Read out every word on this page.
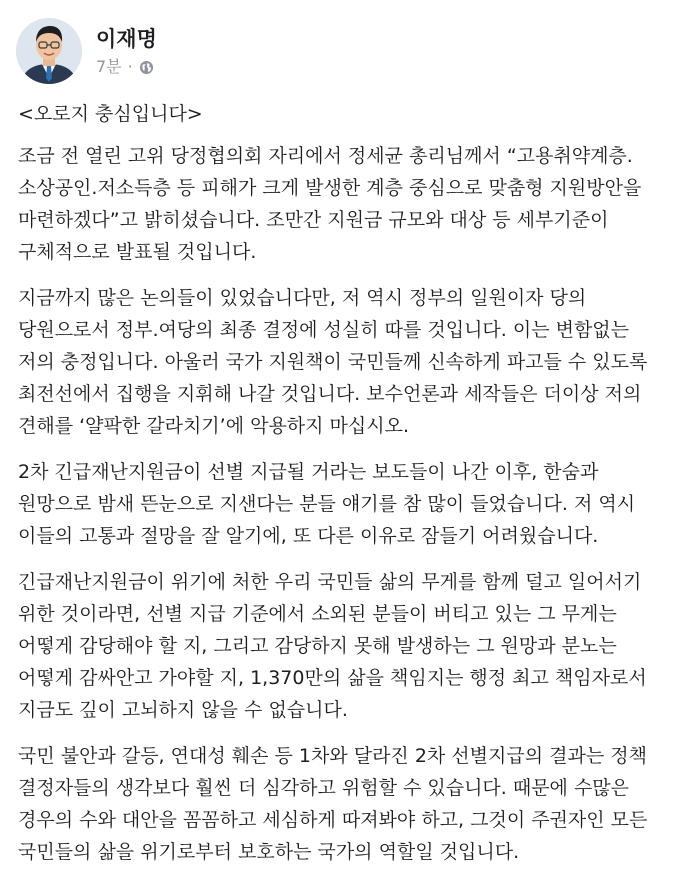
이재명
7분 ·

<오로지 충심입니다>

조금 전 열린 고위 당정협의회 자리에서 정세균 총리님께서 “고용취약계층.소상공인.저소득층 등 피해가 크게 발생한 계층 중심으로 맞춤형 지원방안을 마련하겠다”고 밝히셨습니다. 조만간 지원금 규모와 대상 등 세부기준이 구체적으로 발표될 것입니다.

지금까지 많은 논의들이 있었습니다만, 저 역시 정부의 일원이자 당의 당원으로서 정부.여당의 최종 결정에 성실히 따를 것입니다. 이는 변함없는 저의 충정입니다. 아울러 국가 지원책이 국민들께 신속하게 파고들 수 있도록 최전선에서 집행을 지휘해 나갈 것입니다. 보수언론과 세작들은 더이상 저의 견해를 ‘얄팍한 갈라치기’에 악용하지 마십시오.

2차 긴급재난지원금이 선별 지급될 거라는 보도들이 나간 이후, 한숨과 원망으로 밤새 뜬눈으로 지샌다는 분들 얘기를 참 많이 들었습니다. 저 역시 이들의 고통과 절망을 잘 알기에, 또 다른 이유로 잠들기 어려웠습니다.

긴급재난지원금이 위기에 처한 우리 국민들 삶의 무게를 함께 덜고 일어서기 위한 것이라면, 선별 지급 기준에서 소외된 분들이 버티고 있는 그 무게는 어떻게 감당해야 할 지, 그리고 감당하지 못해 발생하는 그 원망과 분노는 어떻게 감싸안고 가야할 지, 1,370만의 삶을 책임지는 행정 최고 책임자로서 지금도 깊이 고뇌하지 않을 수 없습니다.

국민 불안과 갈등, 연대성 훼손 등 1차와 달라진 2차 선별지급의 결과는 정책 결정자들의 생각보다 훨씬 더 심각하고 위험할 수 있습니다. 때문에 수많은 경우의 수와 대안을 꼼꼼하고 세심하게 따져봐야 하고, 그것이 주권자인 모든 국민들의 삶을 위기로부터 보호하는 국가의 역할일 것입니다.
